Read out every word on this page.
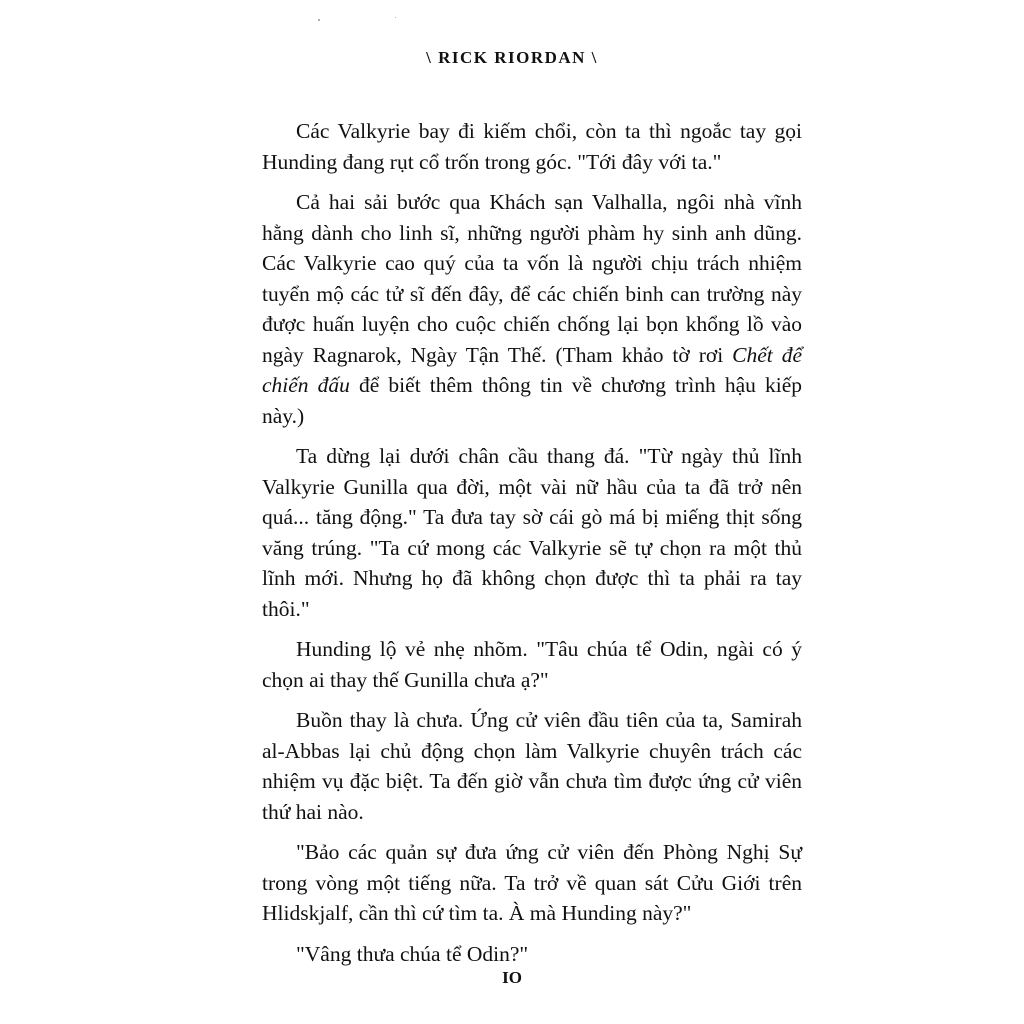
\ RICK RIORDAN \

Các Valkyrie bay đi kiếm chổi, còn ta thì ngoắc tay gọi Hunding đang rụt cổ trốn trong góc. "Tới đây với ta."

Cả hai sải bước qua Khách sạn Valhalla, ngôi nhà vĩnh hằng dành cho linh sĩ, những người phàm hy sinh anh dũng. Các Valkyrie cao quý của ta vốn là người chịu trách nhiệm tuyển mộ các tử sĩ đến đây, để các chiến binh can trường này được huấn luyện cho cuộc chiến chống lại bọn khổng lồ vào ngày Ragnarok, Ngày Tận Thế. (Tham khảo tờ rơi Chết để chiến đấu để biết thêm thông tin về chương trình hậu kiếp này.)

Ta dừng lại dưới chân cầu thang đá. "Từ ngày thủ lĩnh Valkyrie Gunilla qua đời, một vài nữ hầu của ta đã trở nên quá... tăng động." Ta đưa tay sờ cái gò má bị miếng thịt sống văng trúng. "Ta cứ mong các Valkyrie sẽ tự chọn ra một thủ lĩnh mới. Nhưng họ đã không chọn được thì ta phải ra tay thôi."

Hunding lộ vẻ nhẹ nhõm. "Tâu chúa tể Odin, ngài có ý chọn ai thay thế Gunilla chưa ạ?"

Buồn thay là chưa. Ứng cử viên đầu tiên của ta, Samirah al-Abbas lại chủ động chọn làm Valkyrie chuyên trách các nhiệm vụ đặc biệt. Ta đến giờ vẫn chưa tìm được ứng cử viên thứ hai nào.

"Bảo các quản sự đưa ứng cử viên đến Phòng Nghị Sự trong vòng một tiếng nữa. Ta trở về quan sát Cửu Giới trên Hlidskjalf, cần thì cứ tìm ta. À mà Hunding này?"

"Vâng thưa chúa tể Odin?"

IO
